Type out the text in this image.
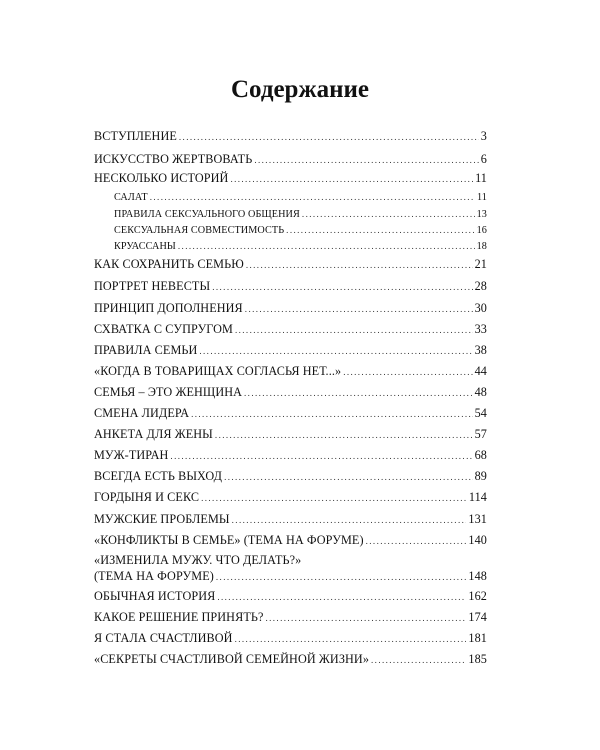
Содержание
ВСТУПЛЕНИЕ .....	3
ИСКУССТВО ЖЕРТВОВАТЬ .....	6
НЕСКОЛЬКО ИСТОРИЙ .....	11
САЛАТ .....	11
ПРАВИЛА СЕКСУАЛЬНОГО ОБЩЕНИЯ .....	13
СЕКСУАЛЬНАЯ СОВМЕСТИМОСТЬ .....	16
КРУАССАНЫ .....	18
КАК СОХРАНИТЬ СЕМЬЮ .....	21
ПОРТРЕТ НЕВЕСТЫ .....	28
ПРИНЦИП ДОПОЛНЕНИЯ .....	30
СХВАТКА С СУПРУГОМ .....	33
ПРАВИЛА СЕМЬИ .....	38
«КОГДА В ТОВАРИЩАХ СОГЛАСЬЯ НЕТ...» .....	44
СЕМЬЯ – ЭТО ЖЕНЩИНА .....	48
СМЕНА ЛИДЕРА .....	54
АНКЕТА ДЛЯ ЖЕНЫ .....	57
МУЖ-ТИРАН .....	68
ВСЕГДА ЕСТЬ ВЫХОД .....	89
ГОРДЫНЯ И СЕКС .....	114
МУЖСКИЕ ПРОБЛЕМЫ .....	131
«КОНФЛИКТЫ В СЕМЬЕ» (ТЕМА НА ФОРУМЕ) .....	140
«ИЗМЕНИЛА МУЖУ. ЧТО ДЕЛАТЬ?»
(ТЕМА НА ФОРУМЕ) .....	148
ОБЫЧНАЯ ИСТОРИЯ .....	162
КАКОЕ РЕШЕНИЕ ПРИНЯТЬ? .....	174
Я СТАЛА СЧАСТЛИВОЙ .....	181
«СЕКРЕТЫ СЧАСТЛИВОЙ СЕМЕЙНОЙ ЖИЗНИ» .....	185
